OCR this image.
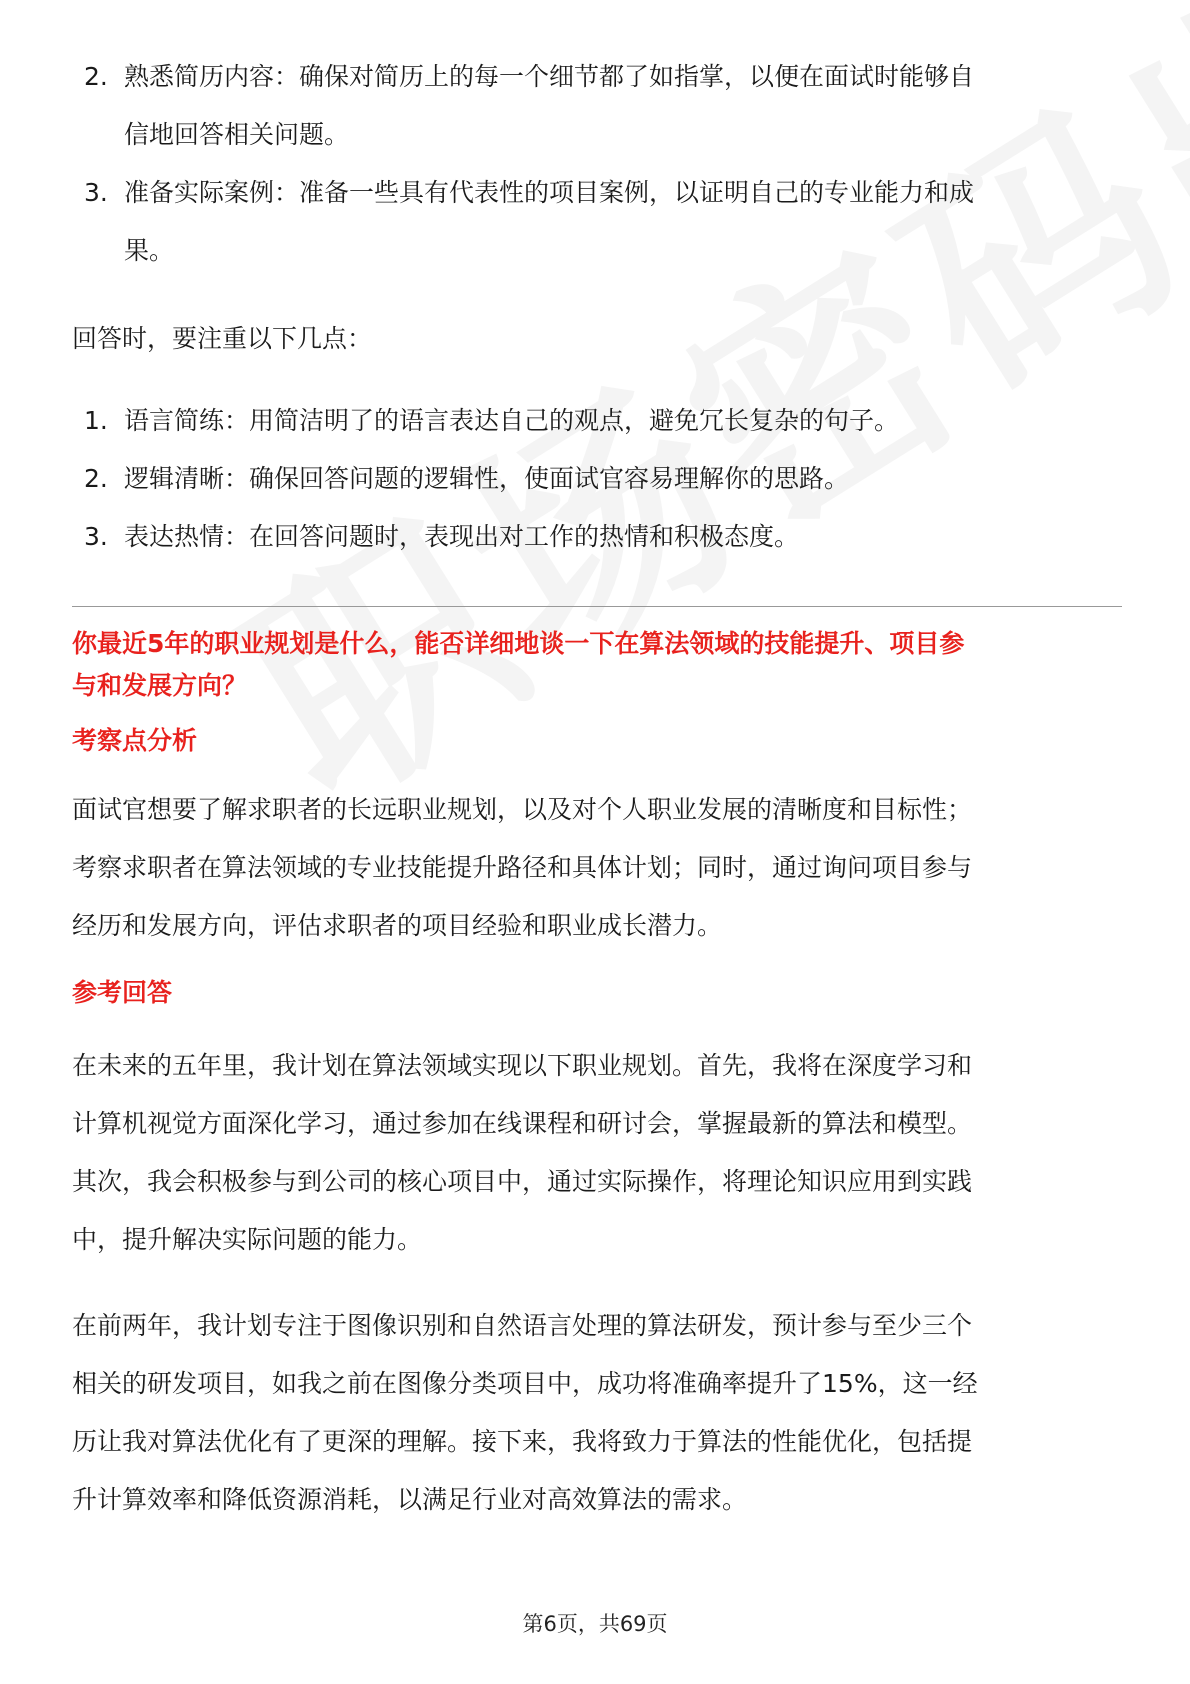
2. 熟悉简历内容：确保对简历上的每一个细节都了如指掌，以便在面试时能够自
信地回答相关问题。
3. 准备实际案例：准备一些具有代表性的项目案例，以证明自己的专业能力和成
果。

回答时，要注重以下几点：

1. 语言简练：用简洁明了的语言表达自己的观点，避免冗长复杂的句子。
2. 逻辑清晰：确保回答问题的逻辑性，使面试官容易理解你的思路。
3. 表达热情：在回答问题时，表现出对工作的热情和积极态度。

你最近5年的职业规划是什么，能否详细地谈一下在算法领域的技能提升、项目参
与和发展方向？

考察点分析

面试官想要了解求职者的长远职业规划，以及对个人职业发展的清晰度和目标性；

考察求职者在算法领域的专业技能提升路径和具体计划；同时，通过询问项目参与

经历和发展方向，评估求职者的项目经验和职业成长潜力。

参考回答

在未来的五年里，我计划在算法领域实现以下职业规划。首先，我将在深度学习和

计算机视觉方面深化学习，通过参加在线课程和研讨会，掌握最新的算法和模型。

其次，我会积极参与到公司的核心项目中，通过实际操作，将理论知识应用到实践

中，提升解决实际问题的能力。

在前两年，我计划专注于图像识别和自然语言处理的算法研发，预计参与至少三个

相关的研发项目，如我之前在图像分类项目中，成功将准确率提升了15%，这一经

历让我对算法优化有了更深的理解。接下来，我将致力于算法的性能优化，包括提

升计算效率和降低资源消耗，以满足行业对高效算法的需求。

第6页，共69页
